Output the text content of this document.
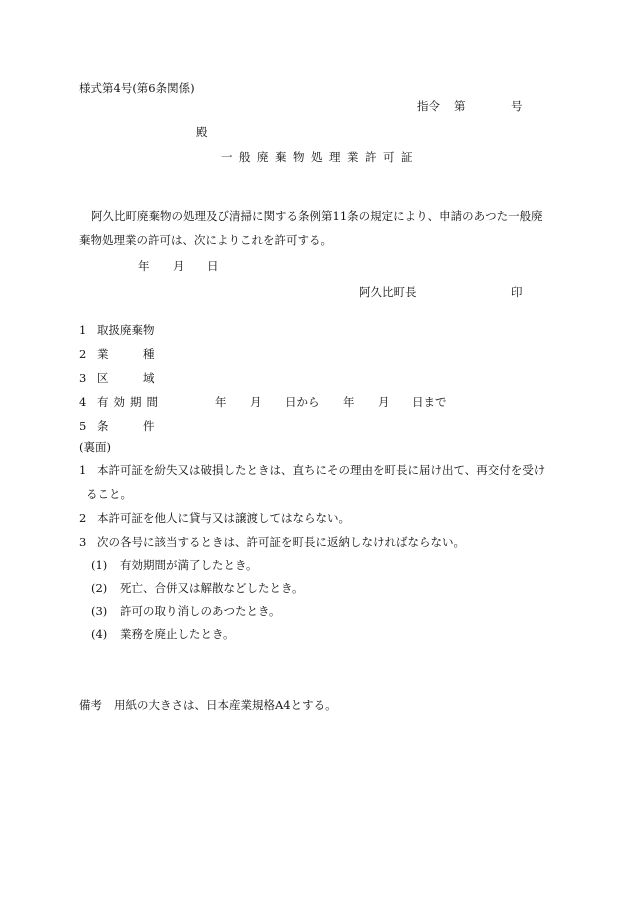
様式第4号(第6条関係)
指令 第	号
殿
一般廃棄物処理業許可証
阿久比町廃棄物の処理及び清掃に関する条例第11条の規定により、申請のあつた一般廃
棄物処理業の許可は、次によりこれを許可する。
年 月 日
阿久比町長	印
1 取扱廃棄物
2 業	種
3 区	域
4 有効期間	年 月 日から 年 月 日まで
5 条	件
(裏面)
1 本許可証を紛失又は破損したときは、直ちにその理由を町長に届け出て、再交付を受け
ること。
2 本許可証を他人に貸与又は譲渡してはならない。
3 次の各号に該当するときは、許可証を町長に返納しなければならない。
(1) 有効期間が満了したとき。
(2) 死亡、合併又は解散などしたとき。
(3) 許可の取り消しのあつたとき。
(4) 業務を廃止したとき。
備考 用紙の大きさは、日本産業規格A4とする。
